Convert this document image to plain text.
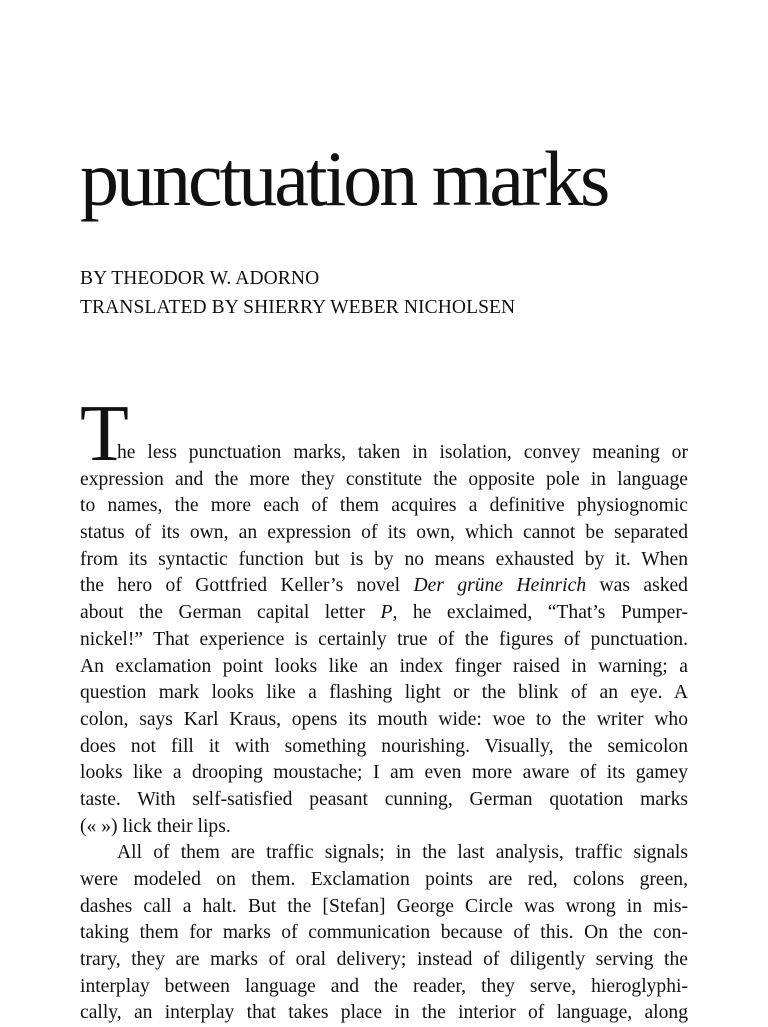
punctuation marks
BY THEODOR W. ADORNO
TRANSLATED BY SHIERRY WEBER NICHOLSEN
T
he less punctuation marks, taken in isolation, convey meaning or
expression and the more they constitute the opposite pole in language
to names, the more each of them acquires a definitive physiognomic
status of its own, an expression of its own, which cannot be separated
from its syntactic function but is by no means exhausted by it. When
the hero of Gottfried Keller’s novel Der grüne Heinrich was asked
about the German capital letter P, he exclaimed, “That’s Pumper-
nickel!” That experience is certainly true of the figures of punctuation.
An exclamation point looks like an index finger raised in warning; a
question mark looks like a flashing light or the blink of an eye. A
colon, says Karl Kraus, opens its mouth wide: woe to the writer who
does not fill it with something nourishing. Visually, the semicolon
looks like a drooping moustache; I am even more aware of its gamey
taste. With self-satisfied peasant cunning, German quotation marks
(« ») lick their lips.
All of them are traffic signals; in the last analysis, traffic signals
were modeled on them. Exclamation points are red, colons green,
dashes call a halt. But the [Stefan] George Circle was wrong in mis-
taking them for marks of communication because of this. On the con-
trary, they are marks of oral delivery; instead of diligently serving the
interplay between language and the reader, they serve, hieroglyphi-
cally, an interplay that takes place in the interior of language, along
